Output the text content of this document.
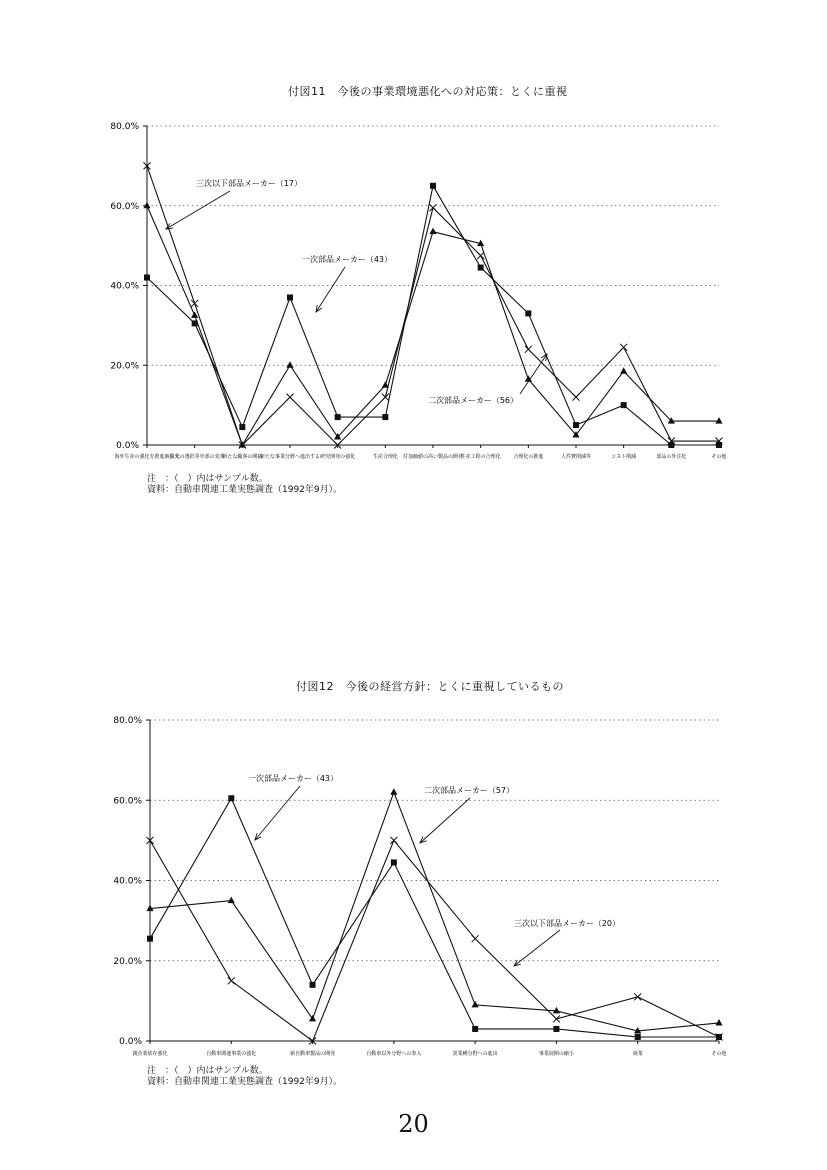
付図11　今後の事業環境悪化への対応策：とくに重視
0.0%
20.0%
40.0%
60.0%
80.0%
海外生産の強化を推進・拡大
取引先の選択等外部の変革
新たな顧客の開拓
新たな事業分野へ進出する 研究開発の強化	生産合理化 付加価値の高い製品の開発
生産工程の合理化	合理化の推進	人件費削減等	コスト削減	部品の外注化	その他
三次以下部品メーカー（17）
一次部品メーカー（43）
二次部品メーカー（56）
注　：（　）内はサンプル数。
資料：自動車関連工業実態調査（1992年9月）。
付図12　今後の経営方針：とくに重視しているもの
0.0%
20.0%
40.0%
60.0%
80.0%
親企業依存強化	自動車関連事業の強化	新自動車製品の開発	自動車以外分野への参入	異業種分野への進出	事業展開の縮小	廃業	その他
一次部品メーカー（43）
二次部品メーカー（57）
三次以下部品メーカー（20）
注　：（　）内はサンプル数。
資料：自動車関連工業実態調査（1992年9月）。
20
